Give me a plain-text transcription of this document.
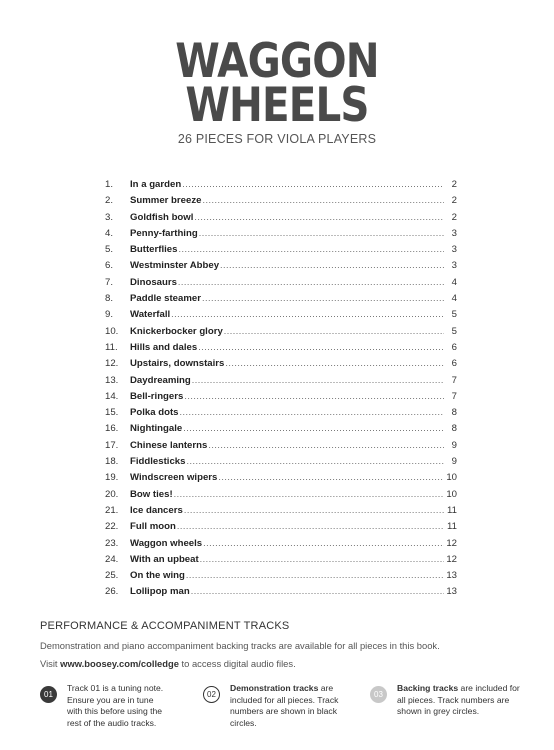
WAGGON
WHEELS
26 PIECES FOR VIOLA PLAYERS
1.	In a garden .....	2
2.	Summer breeze .....	2
3.	Goldfish bowl .....	2
4.	Penny-farthing .....	3
5.	Butterflies .....	3
6.	Westminster Abbey .....	3
7.	Dinosaurs .....	4
8.	Paddle steamer .....	4
9.	Waterfall .....	5
10.	Knickerbocker glory .....	5
11.	Hills and dales .....	6
12.	Upstairs, downstairs .....	6
13.	Daydreaming .....	7
14.	Bell-ringers .....	7
15.	Polka dots .....	8
16.	Nightingale .....	8
17.	Chinese lanterns .....	9
18.	Fiddlesticks .....	9
19.	Windscreen wipers .....	10
20.	Bow ties! .....	10
21.	Ice dancers .....	11
22.	Full moon .....	11
23.	Waggon wheels .....	12
24.	With an upbeat .....	12
25.	On the wing .....	13
26.	Lollipop man .....	13
PERFORMANCE & ACCOMPANIMENT TRACKS
Demonstration and piano accompaniment backing tracks are available for all pieces in this book.
Visit www.boosey.com/colledge to access digital audio files.
01
Track 01 is a tuning note. Ensure you are in tune with this before using the rest of the audio tracks.
02
Demonstration tracks are included for all pieces. Track numbers are shown in black circles.
03
Backing tracks are included for all pieces. Track numbers are shown in grey circles.
